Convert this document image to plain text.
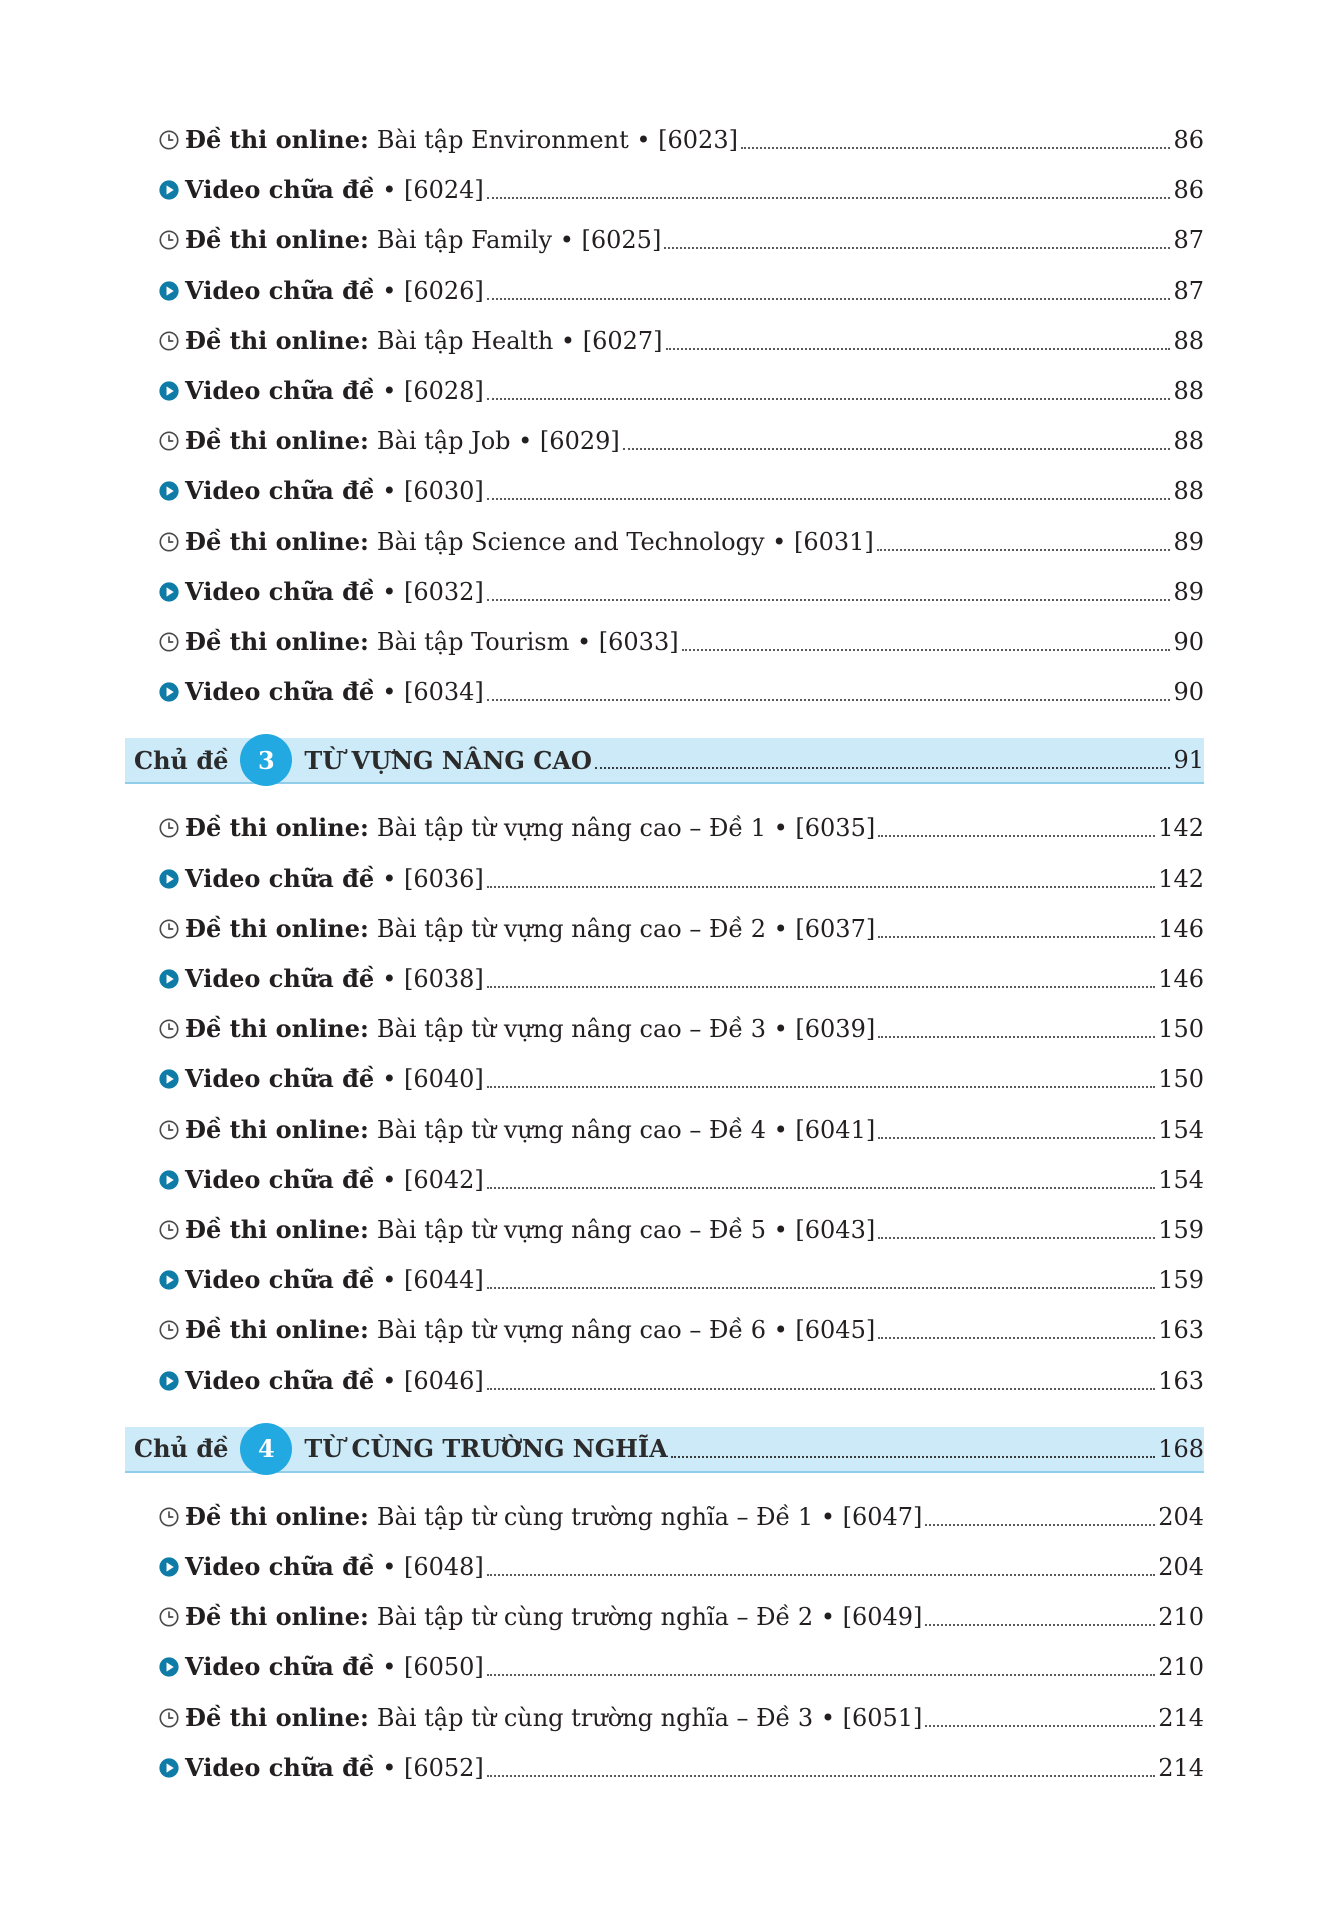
Đề thi online: Bài tập Environment • [6023]	86
Video chữa đề • [6024]	86
Đề thi online: Bài tập Family • [6025]	87
Video chữa đề • [6026]	87
Đề thi online: Bài tập Health • [6027]	88
Video chữa đề • [6028]	88
Đề thi online: Bài tập Job • [6029]	88
Video chữa đề • [6030]	88
Đề thi online: Bài tập Science and Technology • [6031]	89
Video chữa đề • [6032]	89
Đề thi online: Bài tập Tourism • [6033]	90
Video chữa đề • [6034]	90
Chủ đề	3	TỪ VỰNG NÂNG CAO	91
Đề thi online: Bài tập từ vựng nâng cao – Đề 1 • [6035]	142
Video chữa đề • [6036]	142
Đề thi online: Bài tập từ vựng nâng cao – Đề 2 • [6037]	146
Video chữa đề • [6038]	146
Đề thi online: Bài tập từ vựng nâng cao – Đề 3 • [6039]	150
Video chữa đề • [6040]	150
Đề thi online: Bài tập từ vựng nâng cao – Đề 4 • [6041]	154
Video chữa đề • [6042]	154
Đề thi online: Bài tập từ vựng nâng cao – Đề 5 • [6043]	159
Video chữa đề • [6044]	159
Đề thi online: Bài tập từ vựng nâng cao – Đề 6 • [6045]	163
Video chữa đề • [6046]	163
Chủ đề	4	TỪ CÙNG TRƯỜNG NGHĨA	168
Đề thi online: Bài tập từ cùng trường nghĩa – Đề 1 • [6047]	204
Video chữa đề • [6048]	204
Đề thi online: Bài tập từ cùng trường nghĩa – Đề 2 • [6049]	210
Video chữa đề • [6050]	210
Đề thi online: Bài tập từ cùng trường nghĩa – Đề 3 • [6051]	214
Video chữa đề • [6052]	214
